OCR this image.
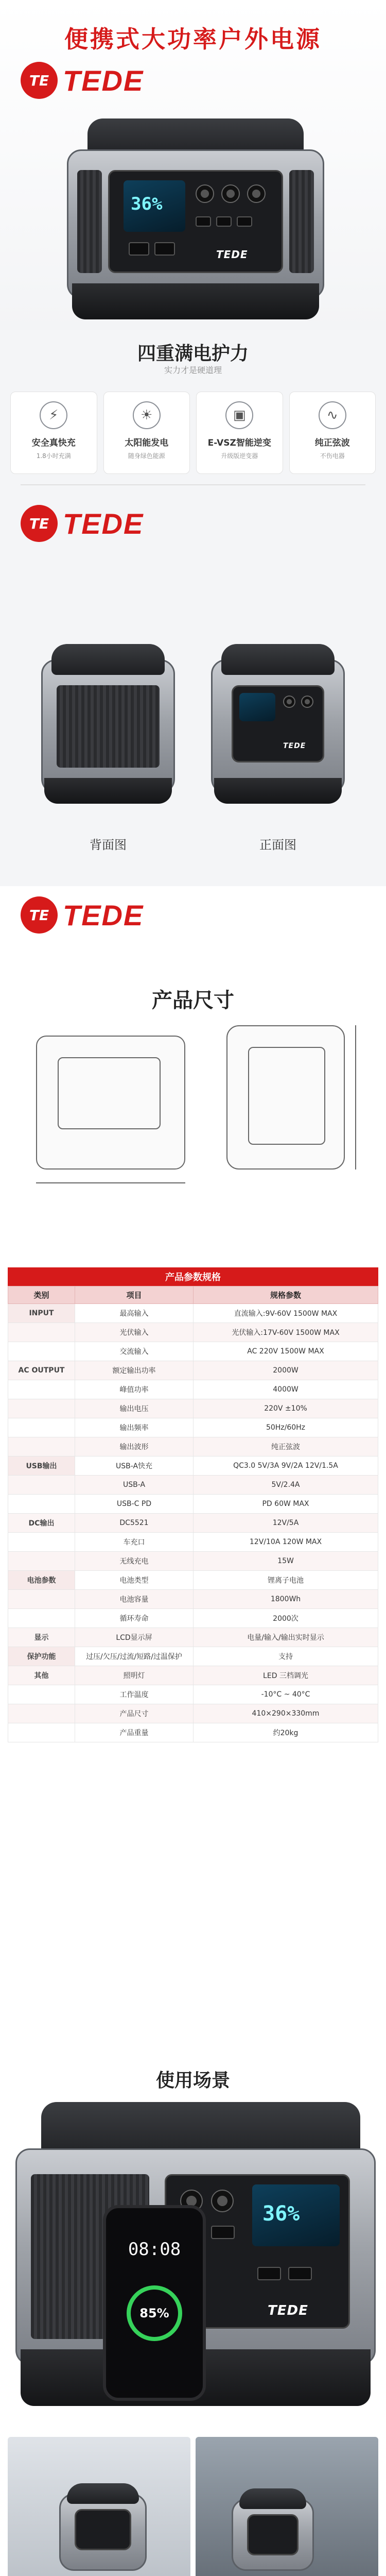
便携式大功率户外电源
TE TEDE
36%
TEDE
四重满电护力
实力才是硬道理
⚡
安全真快充
1.8小时充满
☀
太阳能发电
随身绿色能源
▣
E-VSZ智能逆变
升级版逆变器
∿
纯正弦波
不伤电器
TE TEDE
背面图
TEDE
正面图
TE TEDE
产品尺寸
产品参数规格
类别	项目	规格参数
INPUT	最高输入	直流输入:9V-60V 1500W MAX
	光伏输入	光伏输入:17V-60V 1500W MAX
	交流输入	AC 220V 1500W MAX
AC OUTPUT	额定输出功率	2000W
	峰值功率	4000W
	输出电压	220V ±10%
	输出频率	50Hz/60Hz
	输出波形	纯正弦波
USB输出	USB-A快充	QC3.0 5V/3A 9V/2A 12V/1.5A
	USB-A	5V/2.4A
	USB-C PD	PD 60W MAX
DC输出	DC5521	12V/5A
	车充口	12V/10A 120W MAX
	无线充电	15W
电池参数	电池类型	锂离子电池
	电池容量	1800Wh
	循环寿命	2000次
显示	LCD显示屏	电量/输入/输出实时显示
保护功能	过压/欠压/过流/短路/过温保护	支持
其他	照明灯	LED 三档调光
	工作温度	-10°C ~ 40°C
	产品尺寸	410×290×330mm
	产品重量	约20kg
使用场景
36%
TEDE
08:08
85%
